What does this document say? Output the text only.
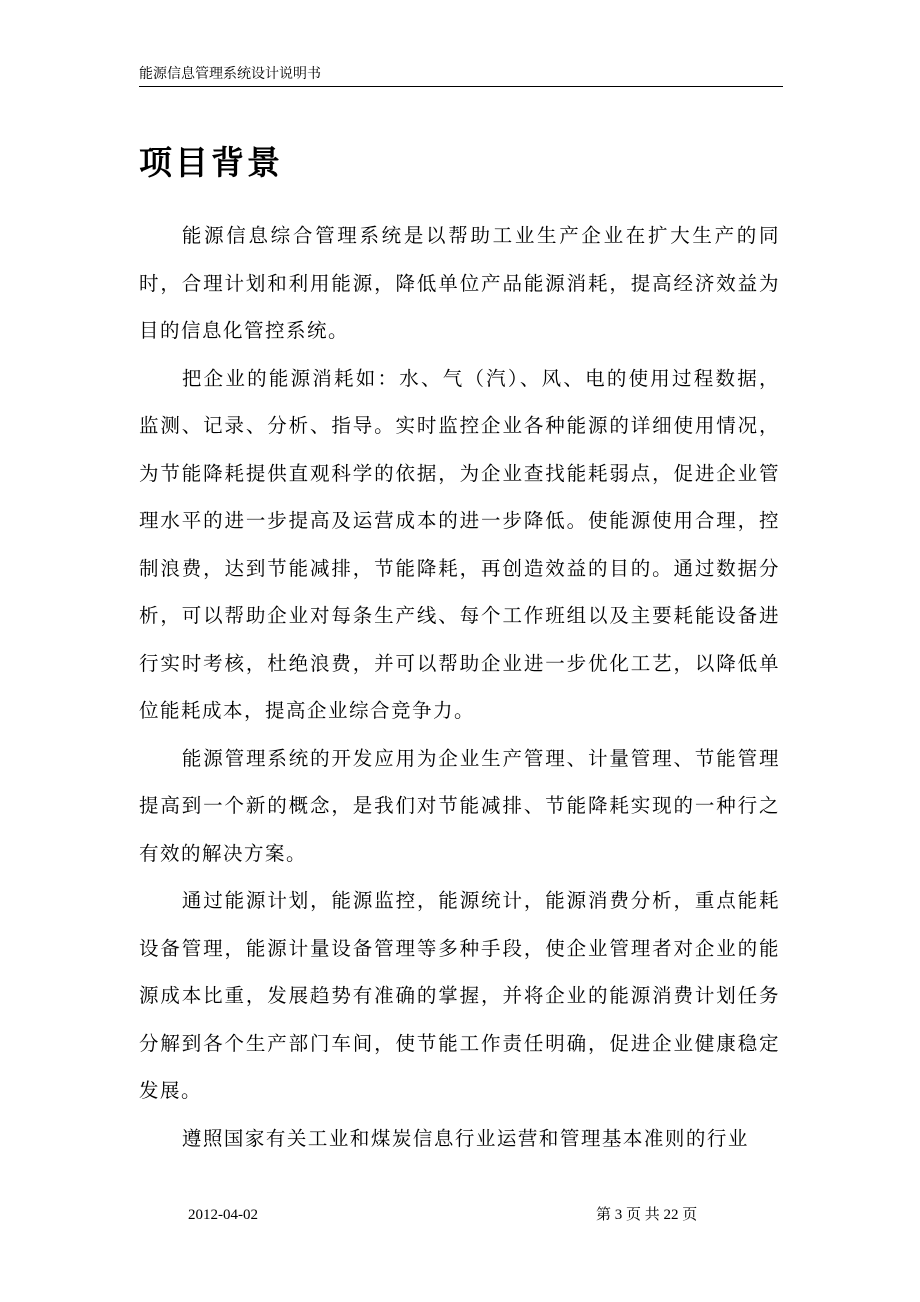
能源信息管理系统设计说明书
项目背景

能源信息综合管理系统是以帮助工业生产企业在扩大生产的同时，合理计划和利用能源，降低单位产品能源消耗，提高经济效益为目的信息化管控系统。

把企业的能源消耗如：水、气（汽）、风、电的使用过程数据，监测、记录、分析、指导。实时监控企业各种能源的详细使用情况，为节能降耗提供直观科学的依据，为企业查找能耗弱点，促进企业管理水平的进一步提高及运营成本的进一步降低。使能源使用合理，控制浪费，达到节能减排，节能降耗，再创造效益的目的。通过数据分析，可以帮助企业对每条生产线、每个工作班组以及主要耗能设备进行实时考核，杜绝浪费，并可以帮助企业进一步优化工艺，以降低单位能耗成本，提高企业综合竞争力。

能源管理系统的开发应用为企业生产管理、计量管理、节能管理提高到一个新的概念，是我们对节能减排、节能降耗实现的一种行之有效的解决方案。

通过能源计划，能源监控，能源统计，能源消费分析，重点能耗设备管理，能源计量设备管理等多种手段，使企业管理者对企业的能源成本比重，发展趋势有准确的掌握，并将企业的能源消费计划任务分解到各个生产部门车间，使节能工作责任明确，促进企业健康稳定发展。

遵照国家有关工业和煤炭信息行业运营和管理基本准则的行业

2012-04-02	第 3 页 共 22 页
